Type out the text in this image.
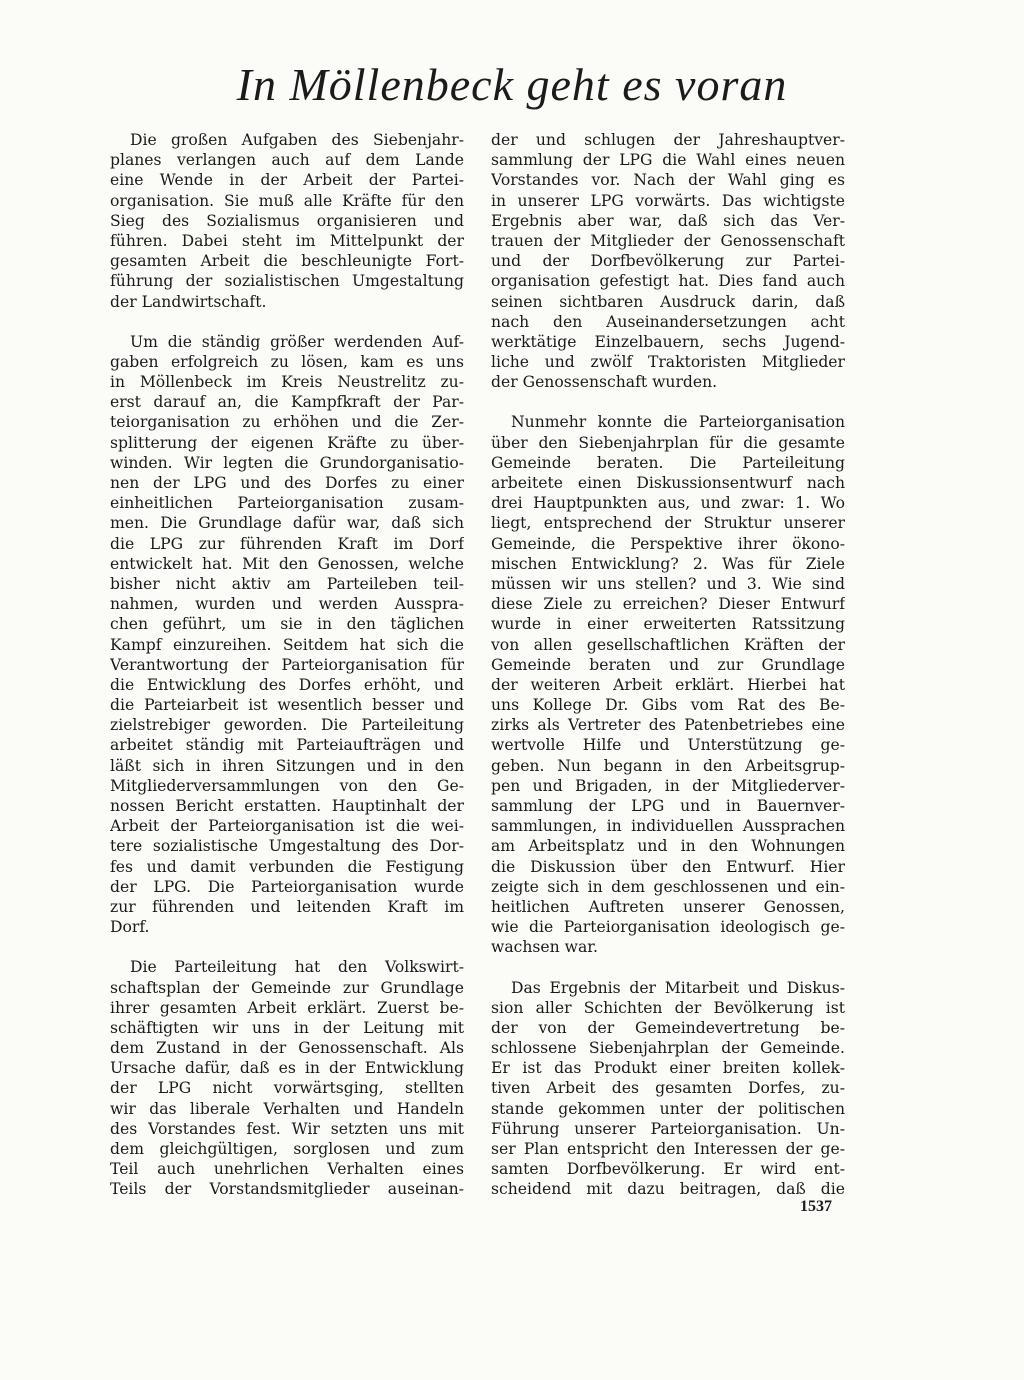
In Möllenbeck geht es voran
Die großen Aufgaben des Siebenjahr-
planes verlangen auch auf dem Lande
eine Wende in der Arbeit der Partei-
organisation. Sie muß alle Kräfte für den
Sieg des Sozialismus organisieren und
führen. Dabei steht im Mittelpunkt der
gesamten Arbeit die beschleunigte Fort-
führung der sozialistischen Umgestaltung
der Landwirtschaft.
Um die ständig größer werdenden Auf-
gaben erfolgreich zu lösen, kam es uns
in Möllenbeck im Kreis Neustrelitz zu-
erst darauf an, die Kampfkraft der Par-
teiorganisation zu erhöhen und die Zer-
splitterung der eigenen Kräfte zu über-
winden. Wir legten die Grundorganisatio-
nen der LPG und des Dorfes zu einer
einheitlichen Parteiorganisation zusam-
men. Die Grundlage dafür war, daß sich
die LPG zur führenden Kraft im Dorf
entwickelt hat. Mit den Genossen, welche
bisher nicht aktiv am Parteileben teil-
nahmen, wurden und werden Ausspra-
chen geführt, um sie in den täglichen
Kampf einzureihen. Seitdem hat sich die
Verantwortung der Parteiorganisation für
die Entwicklung des Dorfes erhöht, und
die Parteiarbeit ist wesentlich besser und
zielstrebiger geworden. Die Parteileitung
arbeitet ständig mit Parteiaufträgen und
läßt sich in ihren Sitzungen und in den
Mitgliederversammlungen von den Ge-
nossen Bericht erstatten. Hauptinhalt der
Arbeit der Parteiorganisation ist die wei-
tere sozialistische Umgestaltung des Dor-
fes und damit verbunden die Festigung
der LPG. Die Parteiorganisation wurde
zur führenden und leitenden Kraft im
Dorf.
Die Parteileitung hat den Volkswirt-
schaftsplan der Gemeinde zur Grundlage
ihrer gesamten Arbeit erklärt. Zuerst be-
schäftigten wir uns in der Leitung mit
dem Zustand in der Genossenschaft. Als
Ursache dafür, daß es in der Entwicklung
der LPG nicht vorwärtsging, stellten
wir das liberale Verhalten und Handeln
des Vorstandes fest. Wir setzten uns mit
dem gleichgültigen, sorglosen und zum
Teil auch unehrlichen Verhalten eines
Teils der Vorstandsmitglieder auseinan-
der und schlugen der Jahreshauptver-
sammlung der LPG die Wahl eines neuen
Vorstandes vor. Nach der Wahl ging es
in unserer LPG vorwärts. Das wichtigste
Ergebnis aber war, daß sich das Ver-
trauen der Mitglieder der Genossenschaft
und der Dorfbevölkerung zur Partei-
organisation gefestigt hat. Dies fand auch
seinen sichtbaren Ausdruck darin, daß
nach den Auseinandersetzungen acht
werktätige Einzelbauern, sechs Jugend-
liche und zwölf Traktoristen Mitglieder
der Genossenschaft wurden.
Nunmehr konnte die Parteiorganisation
über den Siebenjahrplan für die gesamte
Gemeinde beraten. Die Parteileitung
arbeitete einen Diskussionsentwurf nach
drei Hauptpunkten aus, und zwar: 1. Wo
liegt, entsprechend der Struktur unserer
Gemeinde, die Perspektive ihrer ökono-
mischen Entwicklung? 2. Was für Ziele
müssen wir uns stellen? und 3. Wie sind
diese Ziele zu erreichen? Dieser Entwurf
wurde in einer erweiterten Ratssitzung
von allen gesellschaftlichen Kräften der
Gemeinde beraten und zur Grundlage
der weiteren Arbeit erklärt. Hierbei hat
uns Kollege Dr. Gibs vom Rat des Be-
zirks als Vertreter des Patenbetriebes eine
wertvolle Hilfe und Unterstützung ge-
geben. Nun begann in den Arbeitsgrup-
pen und Brigaden, in der Mitgliederver-
sammlung der LPG und in Bauernver-
sammlungen, in individuellen Aussprachen
am Arbeitsplatz und in den Wohnungen
die Diskussion über den Entwurf. Hier
zeigte sich in dem geschlossenen und ein-
heitlichen Auftreten unserer Genossen,
wie die Parteiorganisation ideologisch ge-
wachsen war.
Das Ergebnis der Mitarbeit und Diskus-
sion aller Schichten der Bevölkerung ist
der von der Gemeindevertretung be-
schlossene Siebenjahrplan der Gemeinde.
Er ist das Produkt einer breiten kollek-
tiven Arbeit des gesamten Dorfes, zu-
stande gekommen unter der politischen
Führung unserer Parteiorganisation. Un-
ser Plan entspricht den Interessen der ge-
samten Dorfbevölkerung. Er wird ent-
scheidend mit dazu beitragen, daß die
1537
